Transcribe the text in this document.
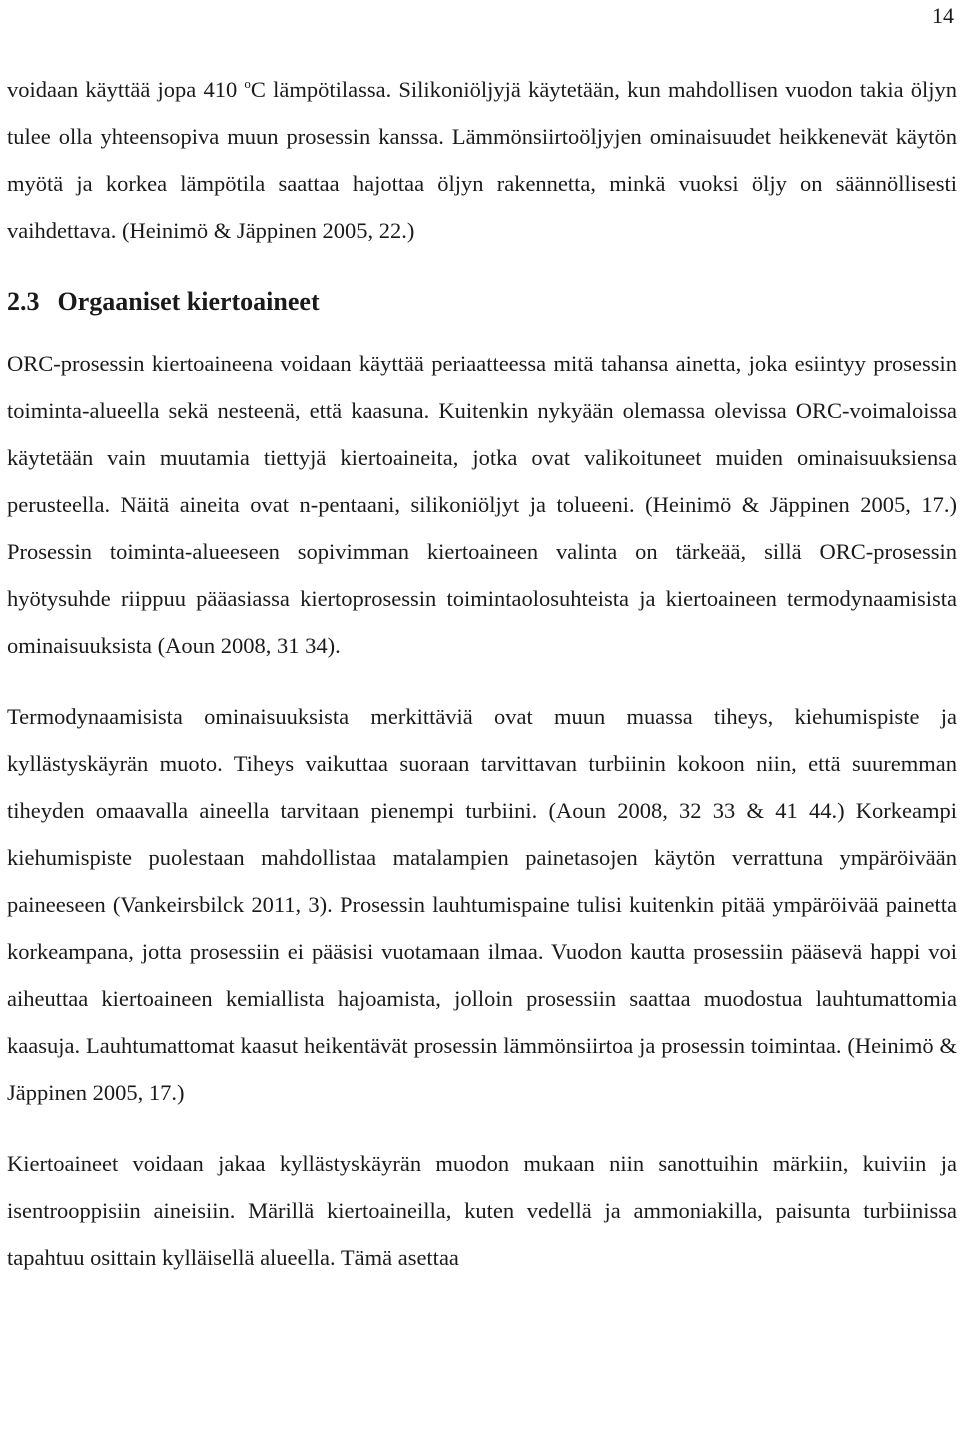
14

voidaan käyttää jopa 410 $^o$C lämpötilassa. Silikoniöljyjä käytetään, kun mahdollisen vuodon takia öljyn tulee olla yhteensopiva muun prosessin kanssa. Lämmönsiirtoöljyjen ominaisuudet heikkenevät käytön myötä ja korkea lämpötila saattaa hajottaa öljyn rakennetta, minkä vuoksi öljy on säännöllisesti vaihdettava. (Heinimö & Jäppinen 2005, 22.)

2.3 Orgaaniset kiertoaineet

ORC-prosessin kiertoaineena voidaan käyttää periaatteessa mitä tahansa ainetta, joka esiintyy prosessin toiminta-alueella sekä nesteenä, että kaasuna. Kuitenkin nykyään olemassa olevissa ORC-voimaloissa käytetään vain muutamia tiettyjä kiertoaineita, jotka ovat valikoituneet muiden ominaisuuksiensa perusteella. Näitä aineita ovat n-pentaani, silikoniöljyt ja tolueeni. (Heinimö & Jäppinen 2005, 17.) Prosessin toiminta-alueeseen sopivimman kiertoaineen valinta on tärkeää, sillä ORC-prosessin hyötysuhde riippuu pääasiassa kiertoprosessin toimintaolosuhteista ja kiertoaineen termodynaamisista ominaisuuksista (Aoun 2008, 31 34).

Termodynaamisista ominaisuuksista merkittäviä ovat muun muassa tiheys, kiehumispiste ja kyllästyskäyrän muoto. Tiheys vaikuttaa suoraan tarvittavan turbiinin kokoon niin, että suuremman tiheyden omaavalla aineella tarvitaan pienempi turbiini. (Aoun 2008, 32 33 & 41 44.) Korkeampi kiehumispiste puolestaan mahdollistaa matalampien painetasojen käytön verrattuna ympäröivään paineeseen (Vankeirsbilck 2011, 3). Prosessin lauhtumispaine tulisi kuitenkin pitää ympäröivää painetta korkeampana, jotta prosessiin ei pääsisi vuotamaan ilmaa. Vuodon kautta prosessiin pääsevä happi voi aiheuttaa kiertoaineen kemiallista hajoamista, jolloin prosessiin saattaa muodostua lauhtumattomia kaasuja. Lauhtumattomat kaasut heikentävät prosessin lämmönsiirtoa ja prosessin toimintaa. (Heinimö & Jäppinen 2005, 17.)

Kiertoaineet voidaan jakaa kyllästyskäyrän muodon mukaan niin sanottuihin märkiin, kuiviin ja isentrooppisiin aineisiin. Märillä kiertoaineilla, kuten vedellä ja ammoniakilla, paisunta turbiinissa tapahtuu osittain kylläisellä alueella. Tämä asettaa
